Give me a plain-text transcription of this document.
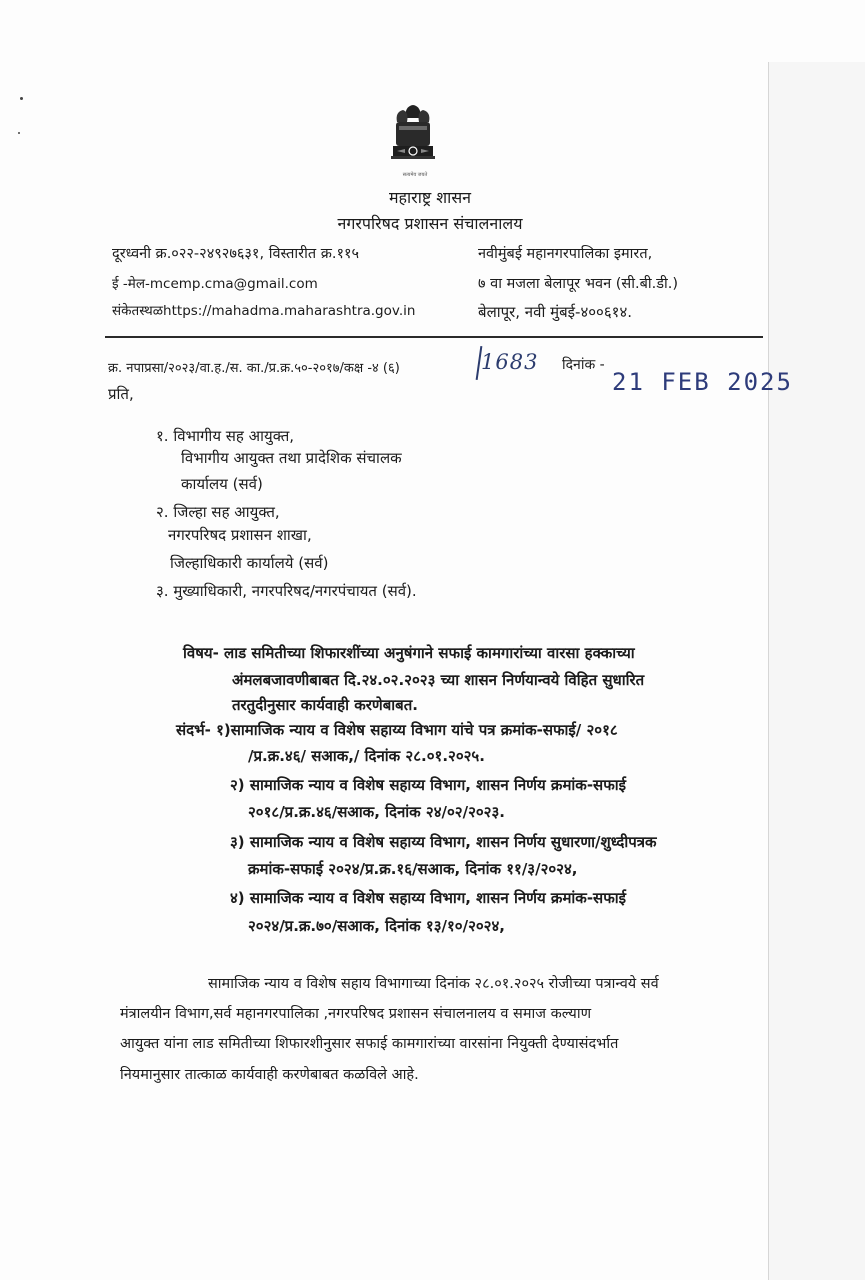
सत्यमेव जयते
महाराष्ट्र शासन
नगरपरिषद प्रशासन संचालनालय
दूरध्वनी क्र.०२२-२४९२७६३१, विस्तारीत क्र.११५
ई -मेल-mcemp.cma@gmail.com
संकेतस्थळhttps://mahadma.maharashtra.gov.in
नवीमुंबई महानगरपालिका इमारत,
७ वा मजला बेलापूर भवन (सी.बी.डी.)
बेलापूर, नवी मुंबई-४००६१४.
क्र. नपाप्रसा/२०२३/वा.ह./स. का./प्र.क्र.५०-२०१७/कक्ष -४ (६)	1683 दिनांक -
21 FEB 2025
प्रति,
१. विभागीय सह आयुक्त,
विभागीय आयुक्त तथा प्रादेशिक संचालक
कार्यालय (सर्व)
२. जिल्हा सह आयुक्त,
नगरपरिषद प्रशासन शाखा,
जिल्हाधिकारी कार्यालये (सर्व)
३. मुख्याधिकारी, नगरपरिषद/नगरपंचायत (सर्व).
विषय- लाड समितीच्या शिफारशींच्या अनुषंगाने सफाई कामगारांच्या वारसा हक्काच्या
अंमलबजावणीबाबत दि.२४.०२.२०२३ च्या शासन निर्णयान्वये विहित सुधारित
तरतुदीनुसार कार्यवाही करणेबाबत.
संदर्भ- १)सामाजिक न्याय व विशेष सहाय्य विभाग यांचे पत्र क्रमांक-सफाई/ २०१८
/प्र.क्र.४६/ सआक,/ दिनांक २८.०१.२०२५.
२) सामाजिक न्याय व विशेष सहाय्य विभाग, शासन निर्णय क्रमांक-सफाई
२०१८/प्र.क्र.४६/सआक, दिनांक २४/०२/२०२३.
३) सामाजिक न्याय व विशेष सहाय्य विभाग, शासन निर्णय सुधारणा/शुध्दीपत्रक
क्रमांक-सफाई २०२४/प्र.क्र.१६/सआक, दिनांक ११/३/२०२४,
४) सामाजिक न्याय व विशेष सहाय्य विभाग, शासन निर्णय क्रमांक-सफाई
२०२४/प्र.क्र.७०/सआक, दिनांक १३/१०/२०२४,
सामाजिक न्याय व विशेष सहाय विभागाच्या दिनांक २८.०१.२०२५ रोजीच्या पत्रान्वये सर्व
मंत्रालयीन विभाग,सर्व महानगरपालिका ,नगरपरिषद प्रशासन संचालनालय व समाज कल्याण
आयुक्त यांना लाड समितीच्या शिफारशीनुसार सफाई कामगारांच्या वारसांना नियुक्ती देण्यासंदर्भात
नियमानुसार तात्काळ कार्यवाही करणेबाबत कळविले आहे.
